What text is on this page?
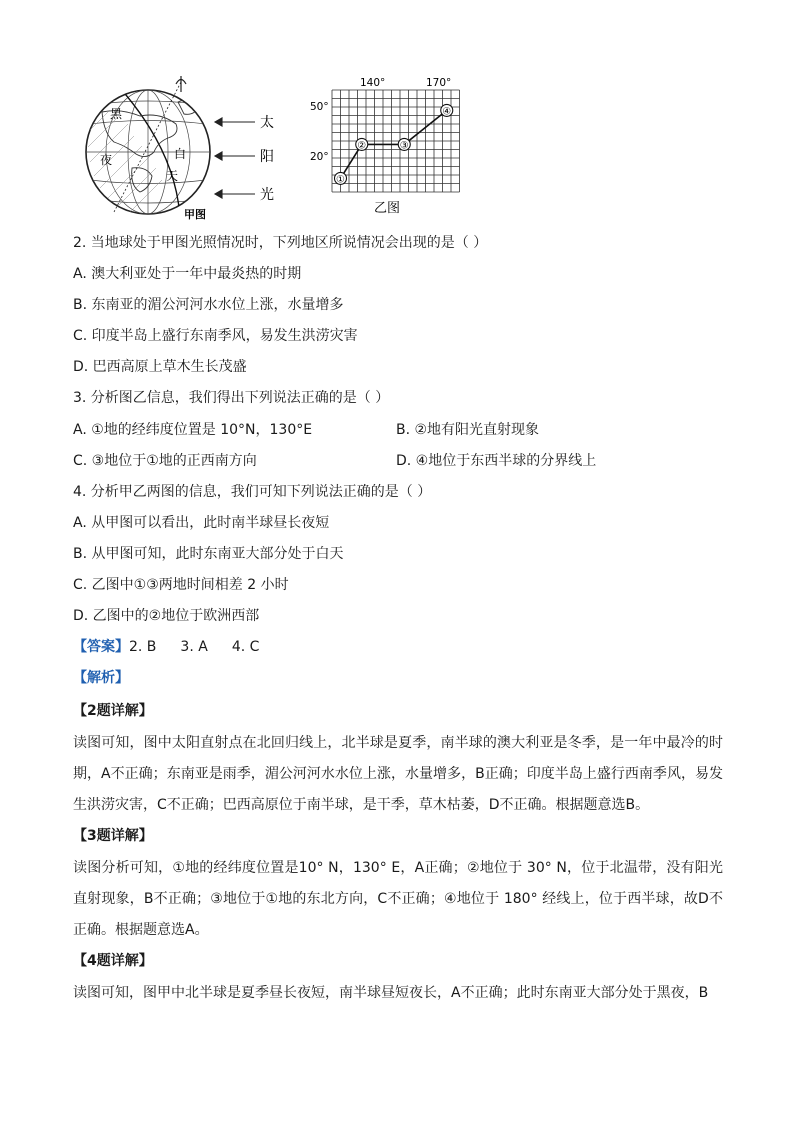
黑
夜	白
天
太
阳
光
甲图
①
②	③
④
140°	170°
50°
20°
乙图
2. 当地球处于甲图光照情况时，下列地区所说情况会出现的是（ ）
A. 澳大利亚处于一年中最炎热的时期
B. 东南亚的湄公河河水水位上涨，水量增多
C. 印度半岛上盛行东南季风，易发生洪涝灾害
D. 巴西高原上草木生长茂盛
3. 分析图乙信息，我们得出下列说法正确的是（ ）
A. ①地的经纬度位置是 10°N，130°E	B. ②地有阳光直射现象
C. ③地位于①地的正西南方向	D. ④地位于东西半球的分界线上
4. 分析甲乙两图的信息，我们可知下列说法正确的是（ ）
A. 从甲图可以看出，此时南半球昼长夜短
B. 从甲图可知，此时东南亚大部分处于白天
C. 乙图中①③两地时间相差 2 小时
D. 乙图中的②地位于欧洲西部
【答案】2. B 3. A 4. C
【解析】
【2题详解】
读图可知，图中太阳直射点在北回归线上，北半球是夏季，南半球的澳大利亚是冬季，是一年中最冷的时期，A不正确；东南亚是雨季，湄公河河水水位上涨，水量增多，B正确；印度半岛上盛行西南季风，易发生洪涝灾害，C不正确；巴西高原位于南半球，是干季，草木枯萎，D不正确。根据题意选B。
【3题详解】
读图分析可知，①地的经纬度位置是10° N，130° E，A正确；②地位于 30° N，位于北温带，没有阳光直射现象，B不正确；③地位于①地的东北方向，C不正确；④地位于 180° 经线上，位于西半球，故D不正确。根据题意选A。
【4题详解】
读图可知，图甲中北半球是夏季昼长夜短，南半球昼短夜长，A不正确；此时东南亚大部分处于黑夜，B
